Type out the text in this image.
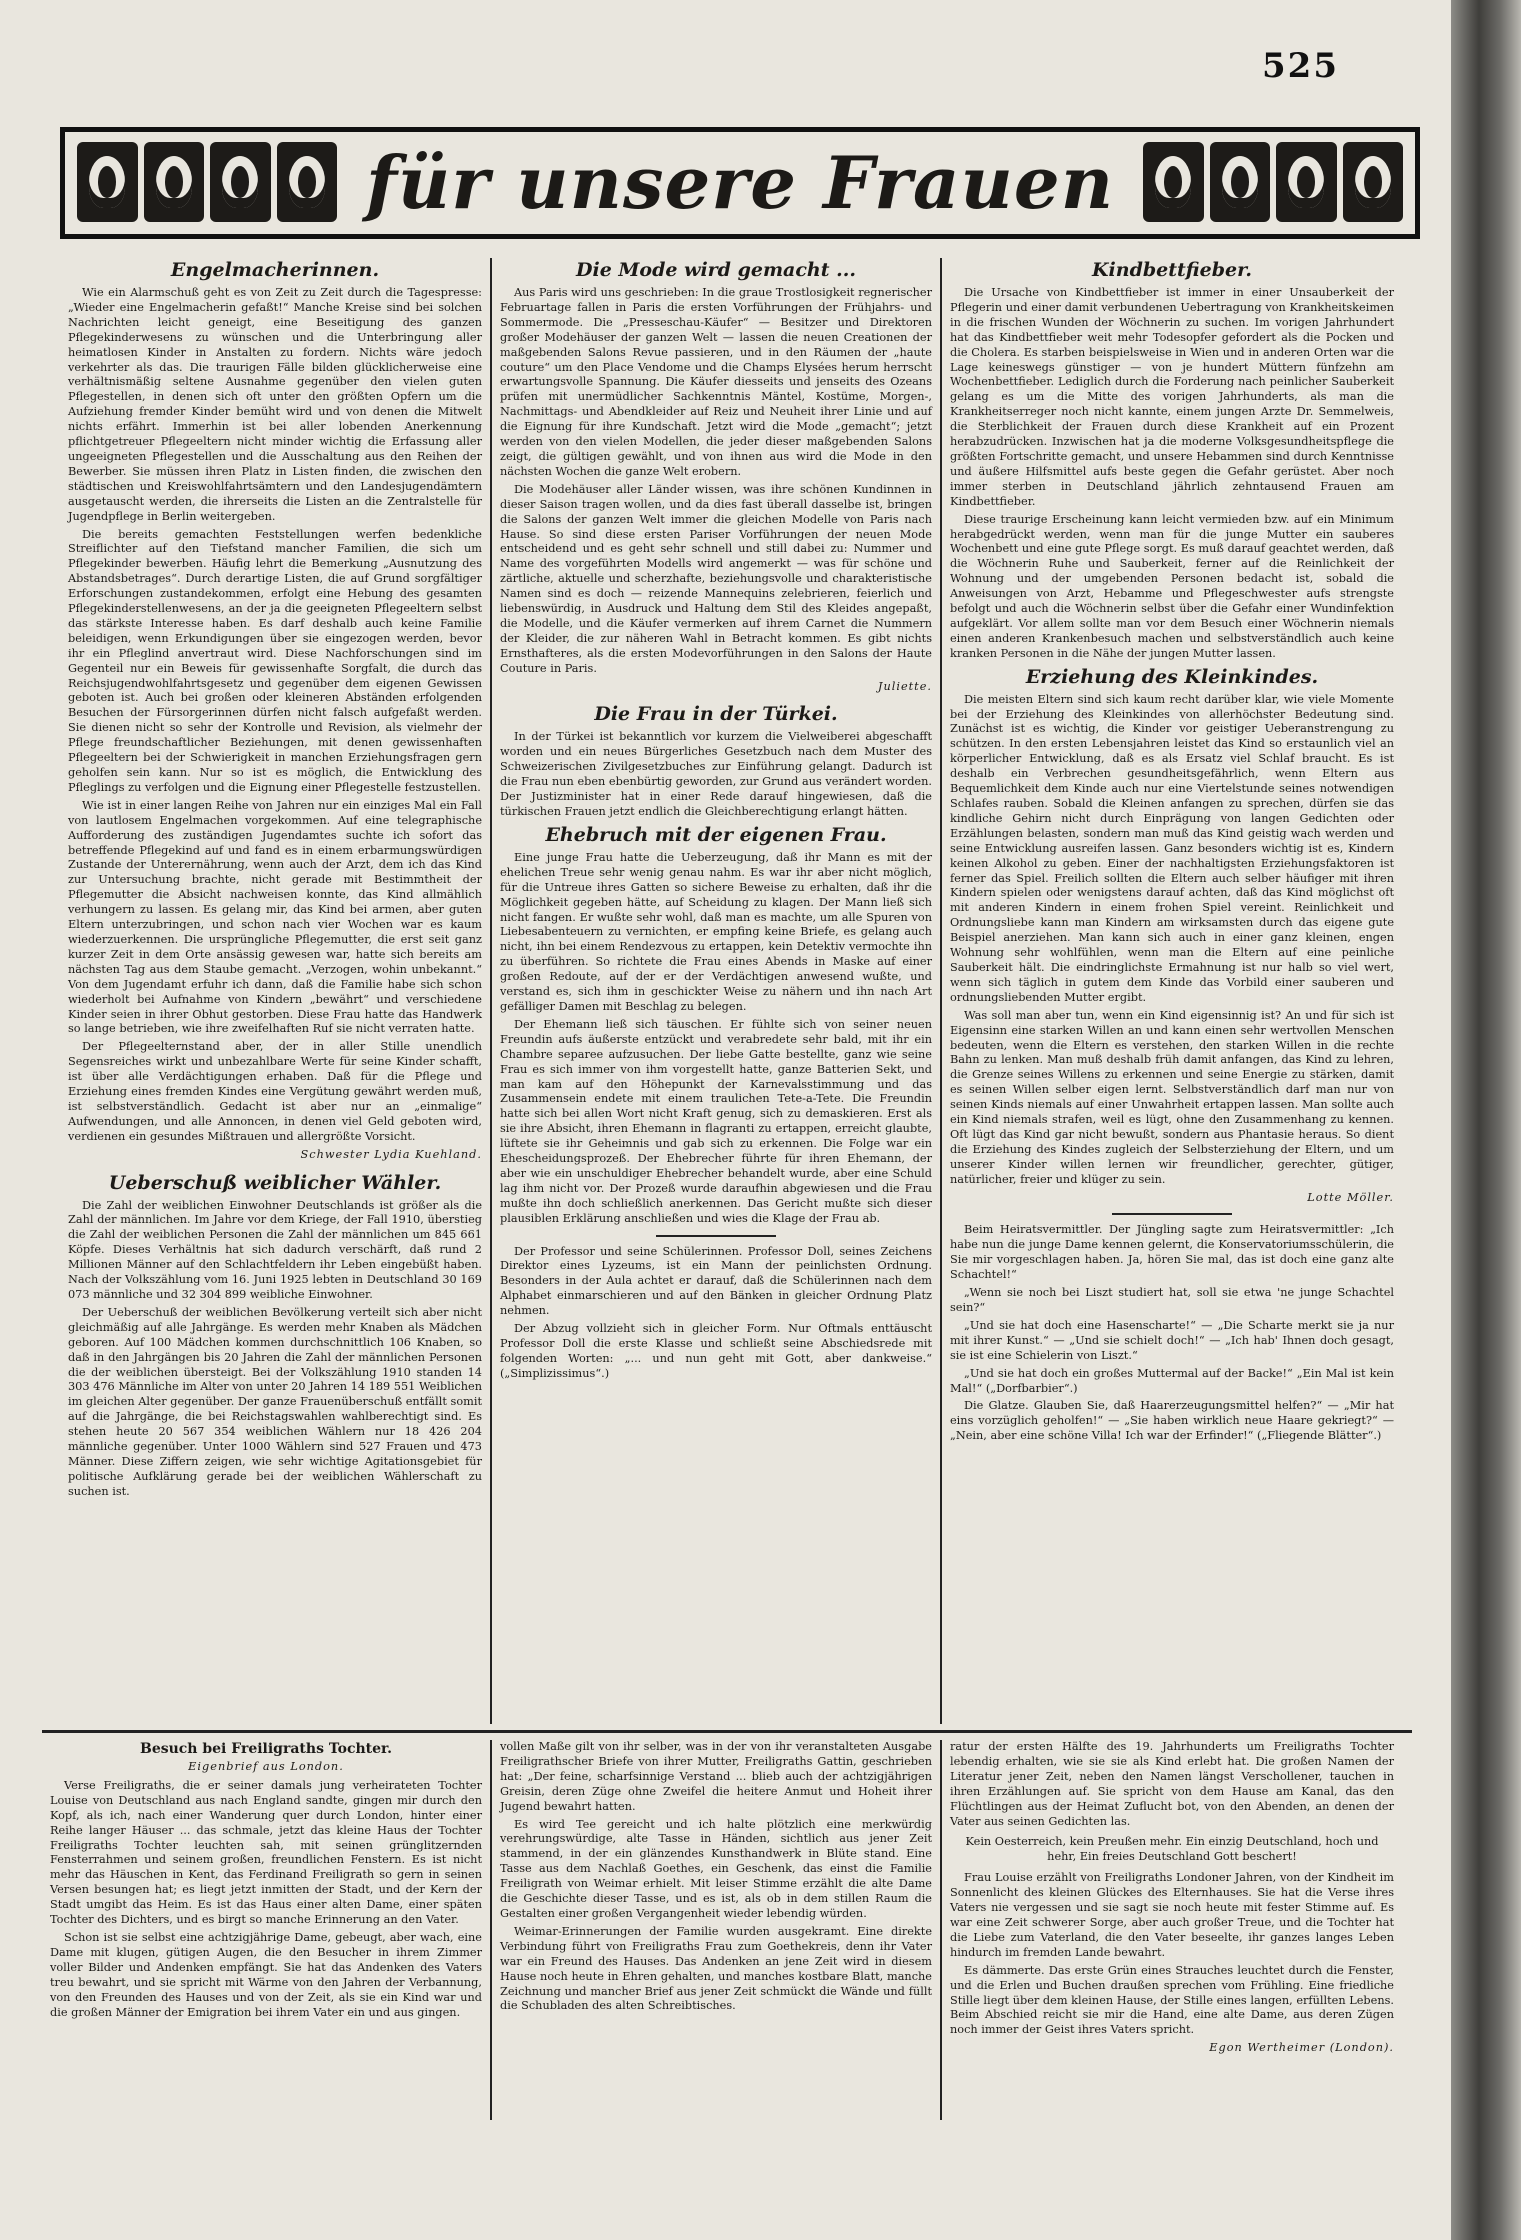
525
für unsere Frauen
Engelmacherinnen.

Wie ein Alarmschuß geht es von Zeit zu Zeit durch die Tagespresse: „Wieder eine Engelmacherin gefaßt!“ Manche Kreise sind bei solchen Nachrichten leicht geneigt, eine Beseitigung des ganzen Pflegekinderwesens zu wünschen und die Unterbringung aller heimatlosen Kinder in Anstalten zu fordern. Nichts wäre jedoch verkehrter als das. Die traurigen Fälle bilden glücklicherweise eine verhältnismäßig seltene Ausnahme gegenüber den vielen guten Pflegestellen, in denen sich oft unter den größten Opfern um die Aufziehung fremder Kinder bemüht wird und von denen die Mitwelt nichts erfährt. Immerhin ist bei aller lobenden Anerkennung pflichtgetreuer Pflegeeltern nicht minder wichtig die Erfassung aller ungeeigneten Pflegestellen und die Ausschaltung aus den Reihen der Bewerber. Sie müssen ihren Platz in Listen finden, die zwischen den städtischen und Kreiswohlfahrtsämtern und den Landesjugendämtern ausgetauscht werden, die ihrerseits die Listen an die Zentralstelle für Jugendpflege in Berlin weitergeben.

Die bereits gemachten Feststellungen werfen bedenkliche Streiflichter auf den Tiefstand mancher Familien, die sich um Pflegekinder bewerben. Häufig lehrt die Bemerkung „Ausnutzung des Abstandsbetrages“. Durch derartige Listen, die auf Grund sorgfältiger Erforschungen zustandekommen, erfolgt eine Hebung des gesamten Pflegekinderstellenwesens, an der ja die geeigneten Pflegeeltern selbst das stärkste Interesse haben. Es darf deshalb auch keine Familie beleidigen, wenn Erkundigungen über sie eingezogen werden, bevor ihr ein Pfleglind anvertraut wird. Diese Nachforschungen sind im Gegenteil nur ein Beweis für gewissenhafte Sorgfalt, die durch das Reichsjugendwohlfahrtsgesetz und gegenüber dem eigenen Gewissen geboten ist. Auch bei großen oder kleineren Abständen erfolgenden Besuchen der Fürsorgerinnen dürfen nicht falsch aufgefaßt werden. Sie dienen nicht so sehr der Kontrolle und Revision, als vielmehr der Pflege freundschaftlicher Beziehungen, mit denen gewissenhaften Pflegeeltern bei der Schwierigkeit in manchen Erziehungsfragen gern geholfen sein kann. Nur so ist es möglich, die Entwicklung des Pfleglings zu verfolgen und die Eignung einer Pflegestelle festzustellen.

Wie ist in einer langen Reihe von Jahren nur ein einziges Mal ein Fall von lautlosem Engelmachen vorgekommen. Auf eine telegraphische Aufforderung des zuständigen Jugendamtes suchte ich sofort das betreffende Pflegekind auf und fand es in einem erbarmungswürdigen Zustande der Unterernährung, wenn auch der Arzt, dem ich das Kind zur Untersuchung brachte, nicht gerade mit Bestimmtheit der Pflegemutter die Absicht nachweisen konnte, das Kind allmählich verhungern zu lassen. Es gelang mir, das Kind bei armen, aber guten Eltern unterzubringen, und schon nach vier Wochen war es kaum wiederzuerkennen. Die ursprüngliche Pflegemutter, die erst seit ganz kurzer Zeit in dem Orte ansässig gewesen war, hatte sich bereits am nächsten Tag aus dem Staube gemacht. „Verzogen, wohin unbekannt.“ Von dem Jugendamt erfuhr ich dann, daß die Familie habe sich schon wiederholt bei Aufnahme von Kindern „bewährt“ und verschiedene Kinder seien in ihrer Obhut gestorben. Diese Frau hatte das Handwerk so lange betrieben, wie ihre zweifelhaften Ruf sie nicht verraten hatte.

Der Pflegeelternstand aber, der in aller Stille unendlich Segensreiches wirkt und unbezahlbare Werte für seine Kinder schafft, ist über alle Verdächtigungen erhaben. Daß für die Pflege und Erziehung eines fremden Kindes eine Vergütung gewährt werden muß, ist selbstverständlich. Gedacht ist aber nur an „einmalige“ Aufwendungen, und alle Annoncen, in denen viel Geld geboten wird, verdienen ein gesundes Mißtrauen und allergrößte Vorsicht.

Schwester Lydia Kuehland.

Ueberschuß weiblicher Wähler.

Die Zahl der weiblichen Einwohner Deutschlands ist größer als die Zahl der männlichen. Im Jahre vor dem Kriege, der Fall 1910, überstieg die Zahl der weiblichen Personen die Zahl der männlichen um 845 661 Köpfe. Dieses Verhältnis hat sich dadurch verschärft, daß rund 2 Millionen Männer auf den Schlachtfeldern ihr Leben eingebüßt haben. Nach der Volkszählung vom 16. Juni 1925 lebten in Deutschland 30 169 073 männliche und 32 304 899 weibliche Einwohner.

Der Ueberschuß der weiblichen Bevölkerung verteilt sich aber nicht gleichmäßig auf alle Jahrgänge. Es werden mehr Knaben als Mädchen geboren. Auf 100 Mädchen kommen durchschnittlich 106 Knaben, so daß in den Jahrgängen bis 20 Jahren die Zahl der männlichen Personen die der weiblichen übersteigt. Bei der Volkszählung 1910 standen 14 303 476 Männliche im Alter von unter 20 Jahren 14 189 551 Weiblichen im gleichen Alter gegenüber. Der ganze Frauenüberschuß entfällt somit auf die Jahrgänge, die bei Reichstagswahlen wahlberechtigt sind. Es stehen heute 20 567 354 weiblichen Wählern nur 18 426 204 männliche gegenüber. Unter 1000 Wählern sind 527 Frauen und 473 Männer. Diese Ziffern zeigen, wie sehr wichtige Agitationsgebiet für politische Aufklärung gerade bei der weiblichen Wählerschaft zu suchen ist.

Die Mode wird gemacht ...

Aus Paris wird uns geschrieben: In die graue Trostlosigkeit regnerischer Februartage fallen in Paris die ersten Vorführungen der Frühjahrs- und Sommermode. Die „Presseschau-Käufer“ — Besitzer und Direktoren großer Modehäuser der ganzen Welt — lassen die neuen Creationen der maßgebenden Salons Revue passieren, und in den Räumen der „haute couture“ um den Place Vendome und die Champs Elysées herum herrscht erwartungsvolle Spannung. Die Käufer diesseits und jenseits des Ozeans prüfen mit unermüdlicher Sachkenntnis Mäntel, Kostüme, Morgen-, Nachmittags- und Abendkleider auf Reiz und Neuheit ihrer Linie und auf die Eignung für ihre Kundschaft. Jetzt wird die Mode „gemacht“; jetzt werden von den vielen Modellen, die jeder dieser maßgebenden Salons zeigt, die gültigen gewählt, und von ihnen aus wird die Mode in den nächsten Wochen die ganze Welt erobern.

Die Modehäuser aller Länder wissen, was ihre schönen Kundinnen in dieser Saison tragen wollen, und da dies fast überall dasselbe ist, bringen die Salons der ganzen Welt immer die gleichen Modelle von Paris nach Hause. So sind diese ersten Pariser Vorführungen der neuen Mode entscheidend und es geht sehr schnell und still dabei zu: Nummer und Name des vorgeführten Modells wird angemerkt — was für schöne und zärtliche, aktuelle und scherzhafte, beziehungsvolle und charakteristische Namen sind es doch — reizende Mannequins zelebrieren, feierlich und liebenswürdig, in Ausdruck und Haltung dem Stil des Kleides angepaßt, die Modelle, und die Käufer vermerken auf ihrem Carnet die Nummern der Kleider, die zur näheren Wahl in Betracht kommen. Es gibt nichts Ernsthafteres, als die ersten Modevorführungen in den Salons der Haute Couture in Paris.

Juliette.

Die Frau in der Türkei.

In der Türkei ist bekanntlich vor kurzem die Vielweiberei abgeschafft worden und ein neues Bürgerliches Gesetzbuch nach dem Muster des Schweizerischen Zivilgesetzbuches zur Einführung gelangt. Dadurch ist die Frau nun eben ebenbürtig geworden, zur Grund aus verändert worden. Der Justizminister hat in einer Rede darauf hingewiesen, daß die türkischen Frauen jetzt endlich die Gleichberechtigung erlangt hätten.

Ehebruch mit der eigenen Frau.

Eine junge Frau hatte die Ueberzeugung, daß ihr Mann es mit der ehelichen Treue sehr wenig genau nahm. Es war ihr aber nicht möglich, für die Untreue ihres Gatten so sichere Beweise zu erhalten, daß ihr die Möglichkeit gegeben hätte, auf Scheidung zu klagen. Der Mann ließ sich nicht fangen. Er wußte sehr wohl, daß man es machte, um alle Spuren von Liebesabenteuern zu vernichten, er empfing keine Briefe, es gelang auch nicht, ihn bei einem Rendezvous zu ertappen, kein Detektiv vermochte ihn zu überführen. So richtete die Frau eines Abends in Maske auf einer großen Redoute, auf der er der Verdächtigen anwesend wußte, und verstand es, sich ihm in geschickter Weise zu nähern und ihn nach Art gefälliger Damen mit Beschlag zu belegen.

Der Ehemann ließ sich täuschen. Er fühlte sich von seiner neuen Freundin aufs äußerste entzückt und verabredete sehr bald, mit ihr ein Chambre separee aufzusuchen. Der liebe Gatte bestellte, ganz wie seine Frau es sich immer von ihm vorgestellt hatte, ganze Batterien Sekt, und man kam auf den Höhepunkt der Karnevalsstimmung und das Zusammensein endete mit einem traulichen Tete-a-Tete. Die Freundin hatte sich bei allen Wort nicht Kraft genug, sich zu demaskieren. Erst als sie ihre Absicht, ihren Ehemann in flagranti zu ertappen, erreicht glaubte, lüftete sie ihr Geheimnis und gab sich zu erkennen. Die Folge war ein Ehescheidungsprozeß. Der Ehebrecher führte für ihren Ehemann, der aber wie ein unschuldiger Ehebrecher behandelt wurde, aber eine Schuld lag ihm nicht vor. Der Prozeß wurde daraufhin abgewiesen und die Frau mußte ihn doch schließlich anerkennen. Das Gericht mußte sich dieser plausiblen Erklärung anschließen und wies die Klage der Frau ab.

Der Professor und seine Schülerinnen. Professor Doll, seines Zeichens Direktor eines Lyzeums, ist ein Mann der peinlichsten Ordnung. Besonders in der Aula achtet er darauf, daß die Schülerinnen nach dem Alphabet einmarschieren und auf den Bänken in gleicher Ordnung Platz nehmen.

Der Abzug vollzieht sich in gleicher Form. Nur Oftmals enttäuscht Professor Doll die erste Klasse und schließt seine Abschiedsrede mit folgenden Worten: „... und nun geht mit Gott, aber dankweise.“ („Simplizissimus“.)

Kindbettfieber.

Die Ursache von Kindbettfieber ist immer in einer Unsauberkeit der Pflegerin und einer damit verbundenen Uebertragung von Krankheitskeimen in die frischen Wunden der Wöchnerin zu suchen. Im vorigen Jahrhundert hat das Kindbettfieber weit mehr Todesopfer gefordert als die Pocken und die Cholera. Es starben beispielsweise in Wien und in anderen Orten war die Lage keineswegs günstiger — von je hundert Müttern fünfzehn am Wochenbettfieber. Lediglich durch die Forderung nach peinlicher Sauberkeit gelang es um die Mitte des vorigen Jahrhunderts, als man die Krankheitserreger noch nicht kannte, einem jungen Arzte Dr. Semmelweis, die Sterblichkeit der Frauen durch diese Krankheit auf ein Prozent herabzudrücken. Inzwischen hat ja die moderne Volksgesundheitspflege die größten Fortschritte gemacht, und unsere Hebammen sind durch Kenntnisse und äußere Hilfsmittel aufs beste gegen die Gefahr gerüstet. Aber noch immer sterben in Deutschland jährlich zehntausend Frauen am Kindbettfieber.

Diese traurige Erscheinung kann leicht vermieden bzw. auf ein Minimum herabgedrückt werden, wenn man für die junge Mutter ein sauberes Wochenbett und eine gute Pflege sorgt. Es muß darauf geachtet werden, daß die Wöchnerin Ruhe und Sauberkeit, ferner auf die Reinlichkeit der Wohnung und der umgebenden Personen bedacht ist, sobald die Anweisungen von Arzt, Hebamme und Pflegeschwester aufs strengste befolgt und auch die Wöchnerin selbst über die Gefahr einer Wundinfektion aufgeklärt. Vor allem sollte man vor dem Besuch einer Wöchnerin niemals einen anderen Krankenbesuch machen und selbstverständlich auch keine kranken Personen in die Nähe der jungen Mutter lassen.

Erziehung des Kleinkindes.

Die meisten Eltern sind sich kaum recht darüber klar, wie viele Momente bei der Erziehung des Kleinkindes von allerhöchster Bedeutung sind. Zunächst ist es wichtig, die Kinder vor geistiger Ueberanstrengung zu schützen. In den ersten Lebensjahren leistet das Kind so erstaunlich viel an körperlicher Entwicklung, daß es als Ersatz viel Schlaf braucht. Es ist deshalb ein Verbrechen gesundheitsgefährlich, wenn Eltern aus Bequemlichkeit dem Kinde auch nur eine Viertelstunde seines notwendigen Schlafes rauben. Sobald die Kleinen anfangen zu sprechen, dürfen sie das kindliche Gehirn nicht durch Einprägung von langen Gedichten oder Erzählungen belasten, sondern man muß das Kind geistig wach werden und seine Entwicklung ausreifen lassen. Ganz besonders wichtig ist es, Kindern keinen Alkohol zu geben. Einer der nachhaltigsten Erziehungsfaktoren ist ferner das Spiel. Freilich sollten die Eltern auch selber häufiger mit ihren Kindern spielen oder wenigstens darauf achten, daß das Kind möglichst oft mit anderen Kindern in einem frohen Spiel vereint. Reinlichkeit und Ordnungsliebe kann man Kindern am wirksamsten durch das eigene gute Beispiel anerziehen. Man kann sich auch in einer ganz kleinen, engen Wohnung sehr wohlfühlen, wenn man die Eltern auf eine peinliche Sauberkeit hält. Die eindringlichste Ermahnung ist nur halb so viel wert, wenn sich täglich in gutem dem Kinde das Vorbild einer sauberen und ordnungsliebenden Mutter ergibt.

Was soll man aber tun, wenn ein Kind eigensinnig ist? An und für sich ist Eigensinn eine starken Willen an und kann einen sehr wertvollen Menschen bedeuten, wenn die Eltern es verstehen, den starken Willen in die rechte Bahn zu lenken. Man muß deshalb früh damit anfangen, das Kind zu lehren, die Grenze seines Willens zu erkennen und seine Energie zu stärken, damit es seinen Willen selber eigen lernt. Selbstverständlich darf man nur von seinen Kinds niemals auf einer Unwahrheit ertappen lassen. Man sollte auch ein Kind niemals strafen, weil es lügt, ohne den Zusammenhang zu kennen. Oft lügt das Kind gar nicht bewußt, sondern aus Phantasie heraus. So dient die Erziehung des Kindes zugleich der Selbsterziehung der Eltern, und um unserer Kinder willen lernen wir freundlicher, gerechter, gütiger, natürlicher, freier und klüger zu sein.

Lotte Möller.

Beim Heiratsvermittler. Der Jüngling sagte zum Heiratsvermittler: „Ich habe nun die junge Dame kennen gelernt, die Konservatoriumsschülerin, die Sie mir vorgeschlagen haben. Ja, hören Sie mal, das ist doch eine ganz alte Schachtel!“

„Wenn sie noch bei Liszt studiert hat, soll sie etwa 'ne junge Schachtel sein?“

„Und sie hat doch eine Hasenscharte!“ — „Die Scharte merkt sie ja nur mit ihrer Kunst.“ — „Und sie schielt doch!“ — „Ich hab' Ihnen doch gesagt, sie ist eine Schielerin von Liszt.“

„Und sie hat doch ein großes Muttermal auf der Backe!“ „Ein Mal ist kein Mal!“ („Dorfbarbier“.)

Die Glatze. Glauben Sie, daß Haarerzeugungsmittel helfen?“ — „Mir hat eins vorzüglich geholfen!“ — „Sie haben wirklich neue Haare gekriegt?“ — „Nein, aber eine schöne Villa! Ich war der Erfinder!“ („Fliegende Blätter“.)

Besuch bei Freiligraths Tochter.

Eigenbrief aus London.

Verse Freiligraths, die er seiner damals jung verheirateten Tochter Louise von Deutschland aus nach England sandte, gingen mir durch den Kopf, als ich, nach einer Wanderung quer durch London, hinter einer Reihe langer Häuser ... das schmale, jetzt das kleine Haus der Tochter Freiligraths Tochter leuchten sah, mit seinen grünglitzernden Fensterrahmen und seinem großen, freundlichen Fenstern. Es ist nicht mehr das Häuschen in Kent, das Ferdinand Freiligrath so gern in seinen Versen besungen hat; es liegt jetzt inmitten der Stadt, und der Kern der Stadt umgibt das Heim. Es ist das Haus einer alten Dame, einer späten Tochter des Dichters, und es birgt so manche Erinnerung an den Vater.

Schon ist sie selbst eine achtzigjährige Dame, gebeugt, aber wach, eine Dame mit klugen, gütigen Augen, die den Besucher in ihrem Zimmer voller Bilder und Andenken empfängt. Sie hat das Andenken des Vaters treu bewahrt, und sie spricht mit Wärme von den Jahren der Verbannung, von den Freunden des Hauses und von der Zeit, als sie ein Kind war und die großen Männer der Emigration bei ihrem Vater ein und aus gingen.

vollen Maße gilt von ihr selber, was in der von ihr veranstalteten Ausgabe Freiligrathscher Briefe von ihrer Mutter, Freiligraths Gattin, geschrieben hat: „Der feine, scharfsinnige Verstand ... blieb auch der achtzigjährigen Greisin, deren Züge ohne Zweifel die heitere Anmut und Hoheit ihrer Jugend bewahrt hatten.

Es wird Tee gereicht und ich halte plötzlich eine merkwürdig verehrungswürdige, alte Tasse in Händen, sichtlich aus jener Zeit stammend, in der ein glänzendes Kunsthandwerk in Blüte stand. Eine Tasse aus dem Nachlaß Goethes, ein Geschenk, das einst die Familie Freiligrath von Weimar erhielt. Mit leiser Stimme erzählt die alte Dame die Geschichte dieser Tasse, und es ist, als ob in dem stillen Raum die Gestalten einer großen Vergangenheit wieder lebendig würden.

Weimar-Erinnerungen der Familie wurden ausgekramt. Eine direkte Verbindung führt von Freiligraths Frau zum Goethekreis, denn ihr Vater war ein Freund des Hauses. Das Andenken an jene Zeit wird in diesem Hause noch heute in Ehren gehalten, und manches kostbare Blatt, manche Zeichnung und mancher Brief aus jener Zeit schmückt die Wände und füllt die Schubladen des alten Schreibtisches.

ratur der ersten Hälfte des 19. Jahrhunderts um Freiligraths Tochter lebendig erhalten, wie sie sie als Kind erlebt hat. Die großen Namen der Literatur jener Zeit, neben den Namen längst Verschollener, tauchen in ihren Erzählungen auf. Sie spricht von dem Hause am Kanal, das den Flüchtlingen aus der Heimat Zuflucht bot, von den Abenden, an denen der Vater aus seinen Gedichten las.

Kein Oesterreich, kein Preußen mehr. Ein einzig Deutschland, hoch und hehr, Ein freies Deutschland Gott beschert!

Frau Louise erzählt von Freiligraths Londoner Jahren, von der Kindheit im Sonnenlicht des kleinen Glückes des Elternhauses. Sie hat die Verse ihres Vaters nie vergessen und sie sagt sie noch heute mit fester Stimme auf. Es war eine Zeit schwerer Sorge, aber auch großer Treue, und die Tochter hat die Liebe zum Vaterland, die den Vater beseelte, ihr ganzes langes Leben hindurch im fremden Lande bewahrt.

Es dämmerte. Das erste Grün eines Strauches leuchtet durch die Fenster, und die Erlen und Buchen draußen sprechen vom Frühling. Eine friedliche Stille liegt über dem kleinen Hause, der Stille eines langen, erfüllten Lebens. Beim Abschied reicht sie mir die Hand, eine alte Dame, aus deren Zügen noch immer der Geist ihres Vaters spricht.

Egon Wertheimer (London).
